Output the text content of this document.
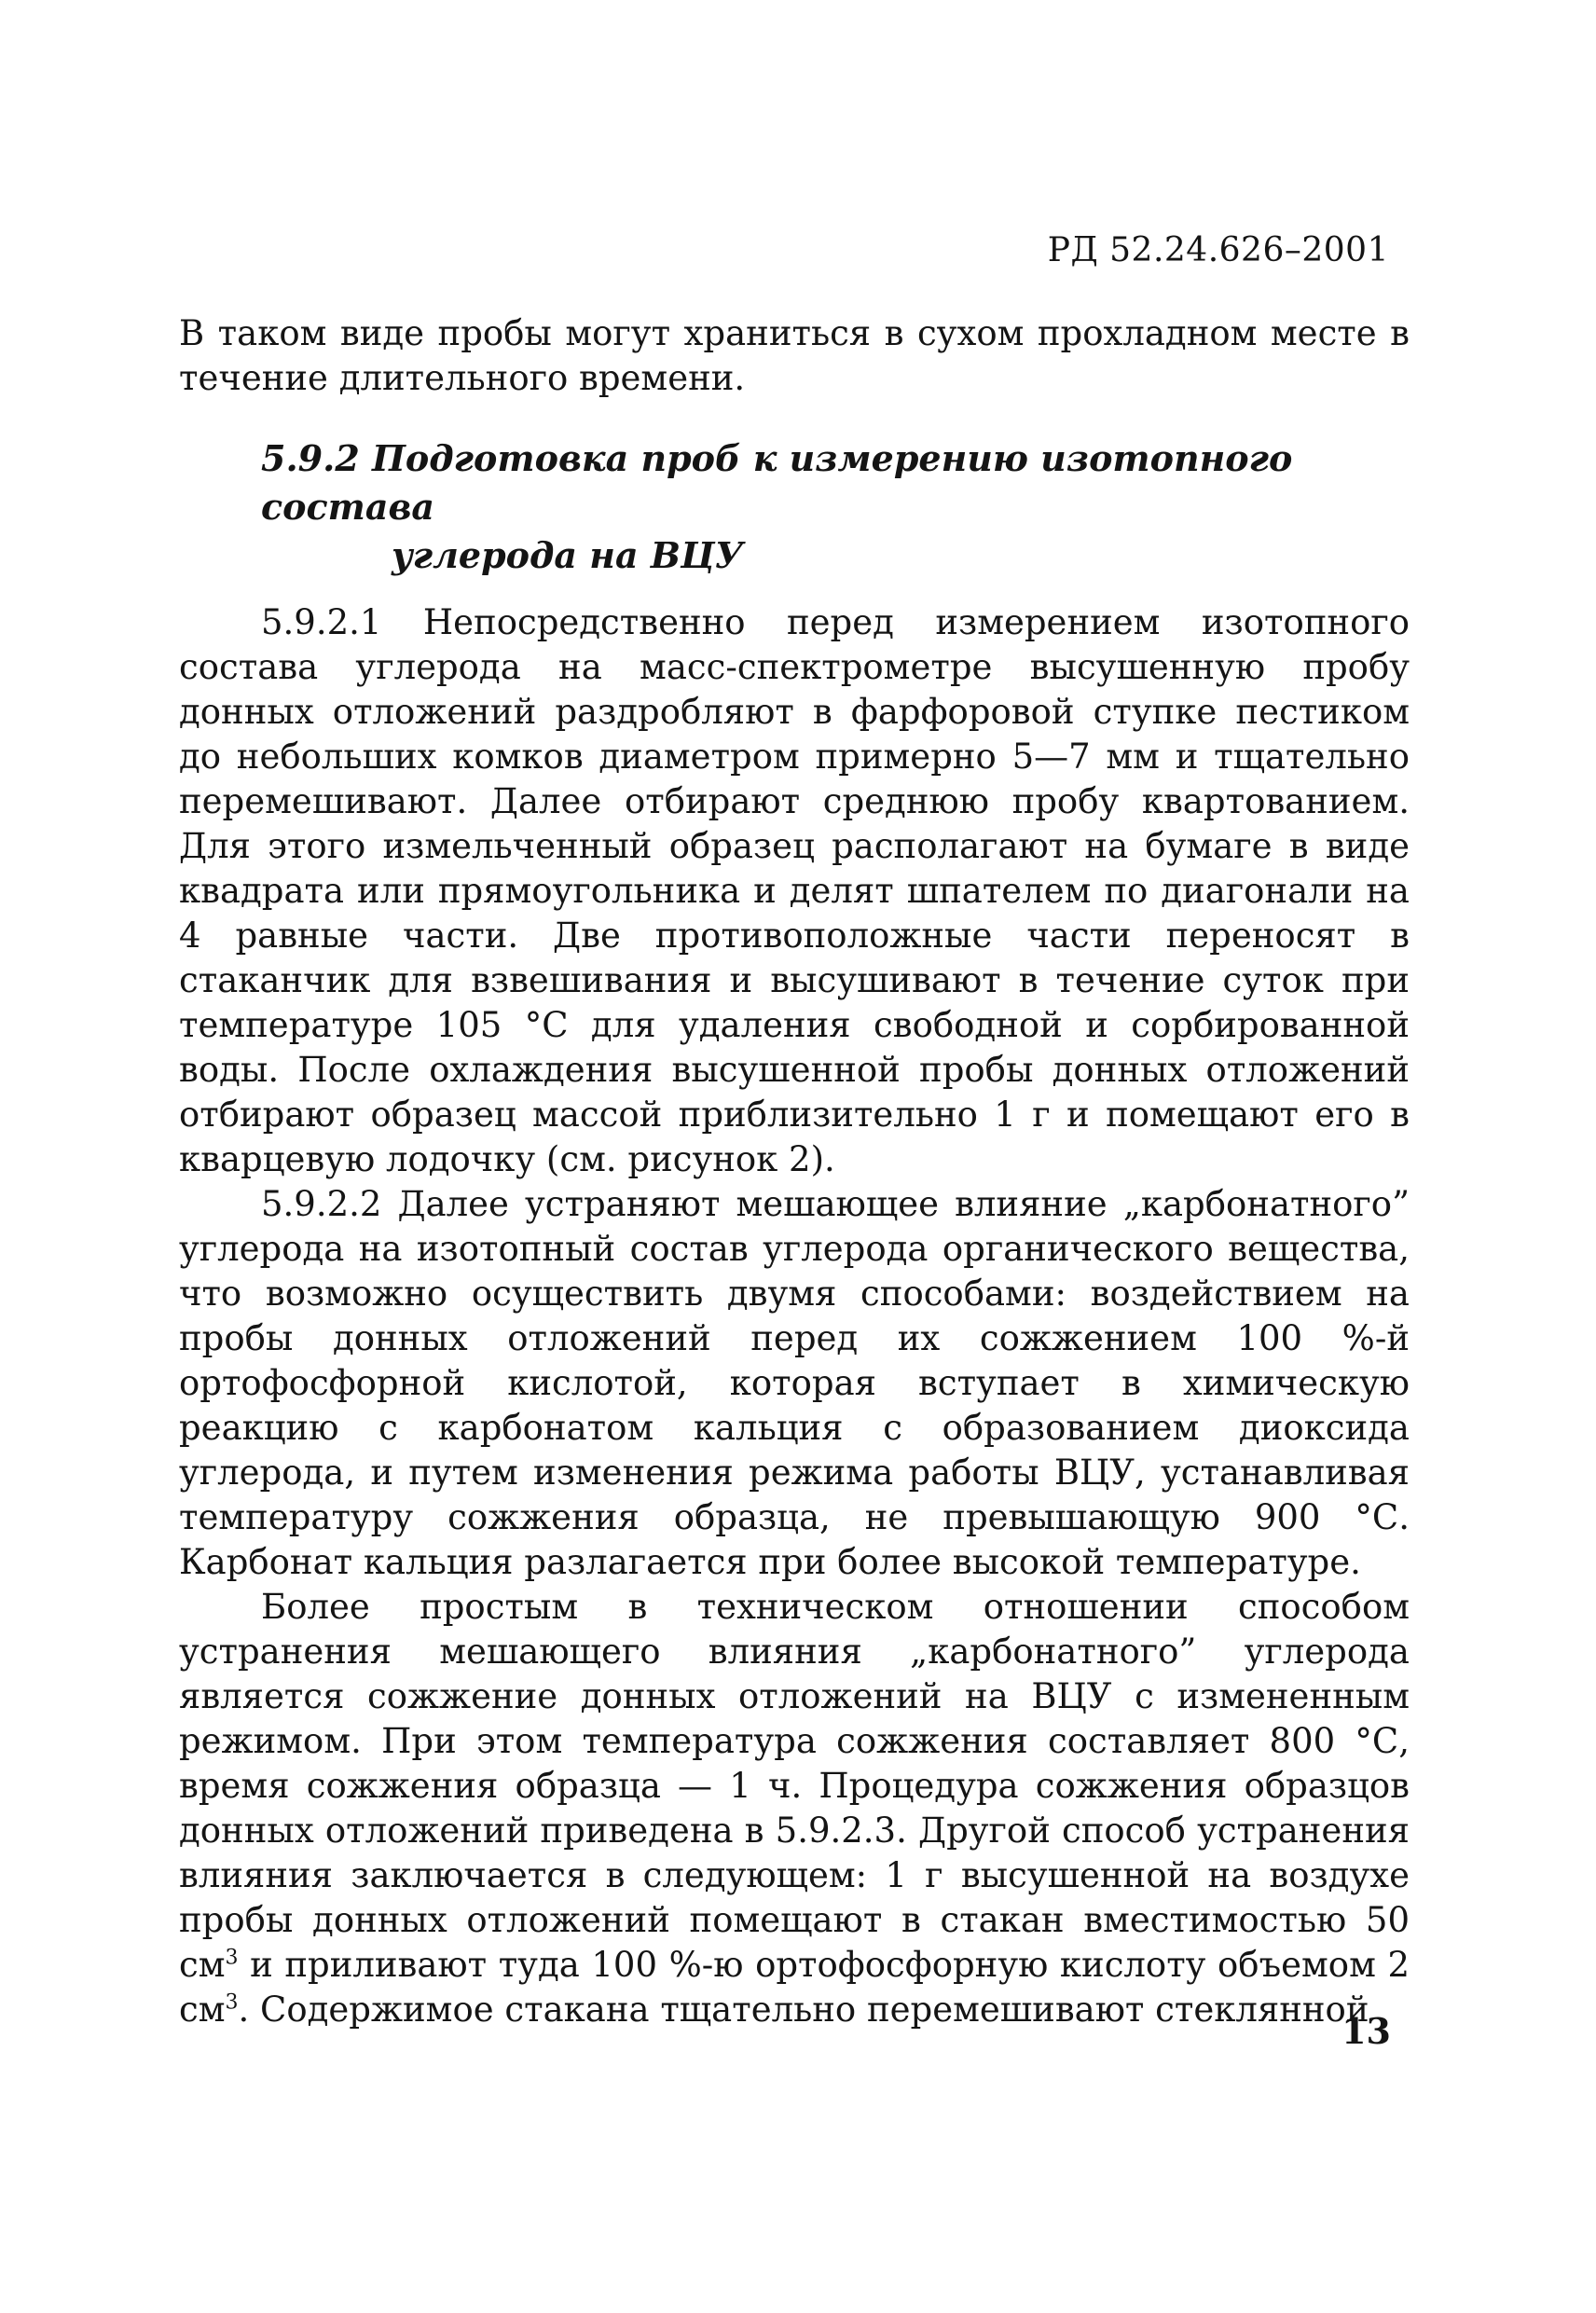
РД 52.24.626–2001

В таком виде пробы могут храниться в сухом прохладном месте в течение длительного времени.

5.9.2 Подготовка проб к измерению изотопного состава
углерода на ВЦУ

5.9.2.1 Непосредственно перед измерением изотопного состава углерода на масс-спектрометре высушенную пробу донных отложений раздробляют в фарфоровой ступке пестиком до небольших комков диаметром примерно 5—7 мм и тщательно перемешивают. Далее отбирают среднюю пробу квартованием. Для этого измельченный образец располагают на бумаге в виде квадрата или прямоугольника и делят шпателем по диагонали на 4 равные части. Две противоположные части переносят в стаканчик для взвешивания и высушивают в течение суток при температуре 105 °С для удаления свободной и сорбированной воды. После охлаждения высушенной пробы донных отложений отбирают образец массой приблизительно 1 г и помещают его в кварцевую лодочку (см. рисунок 2).

5.9.2.2 Далее устраняют мешающее влияние „карбонатного” углерода на изотопный состав углерода органического вещества, что возможно осуществить двумя способами: воздействием на пробы донных отложений перед их сожжением 100 %-й ортофосфорной кислотой, которая вступает в химическую реакцию с карбонатом кальция с образованием диоксида углерода, и путем изменения режима работы ВЦУ, устанавливая температуру сожжения образца, не превышающую 900 °С. Карбонат кальция разлагается при более высокой температуре.

Более простым в техническом отношении способом устранения мешающего влияния „карбонатного” углерода является сожжение донных отложений на ВЦУ с измененным режимом. При этом температура сожжения составляет 800 °С, время сожжения образца — 1 ч. Процедура сожжения образцов донных отложений приведена в 5.9.2.3. Другой способ устранения влияния заключается в следующем: 1 г высушенной на воздухе пробы донных отложений помещают в стакан вместимостью 50 $см^3$ и приливают туда 100 %-ю ортофосфорную кислоту объемом 2 $см^3$. Содержимое стакана тщательно перемешивают стеклянной

13
